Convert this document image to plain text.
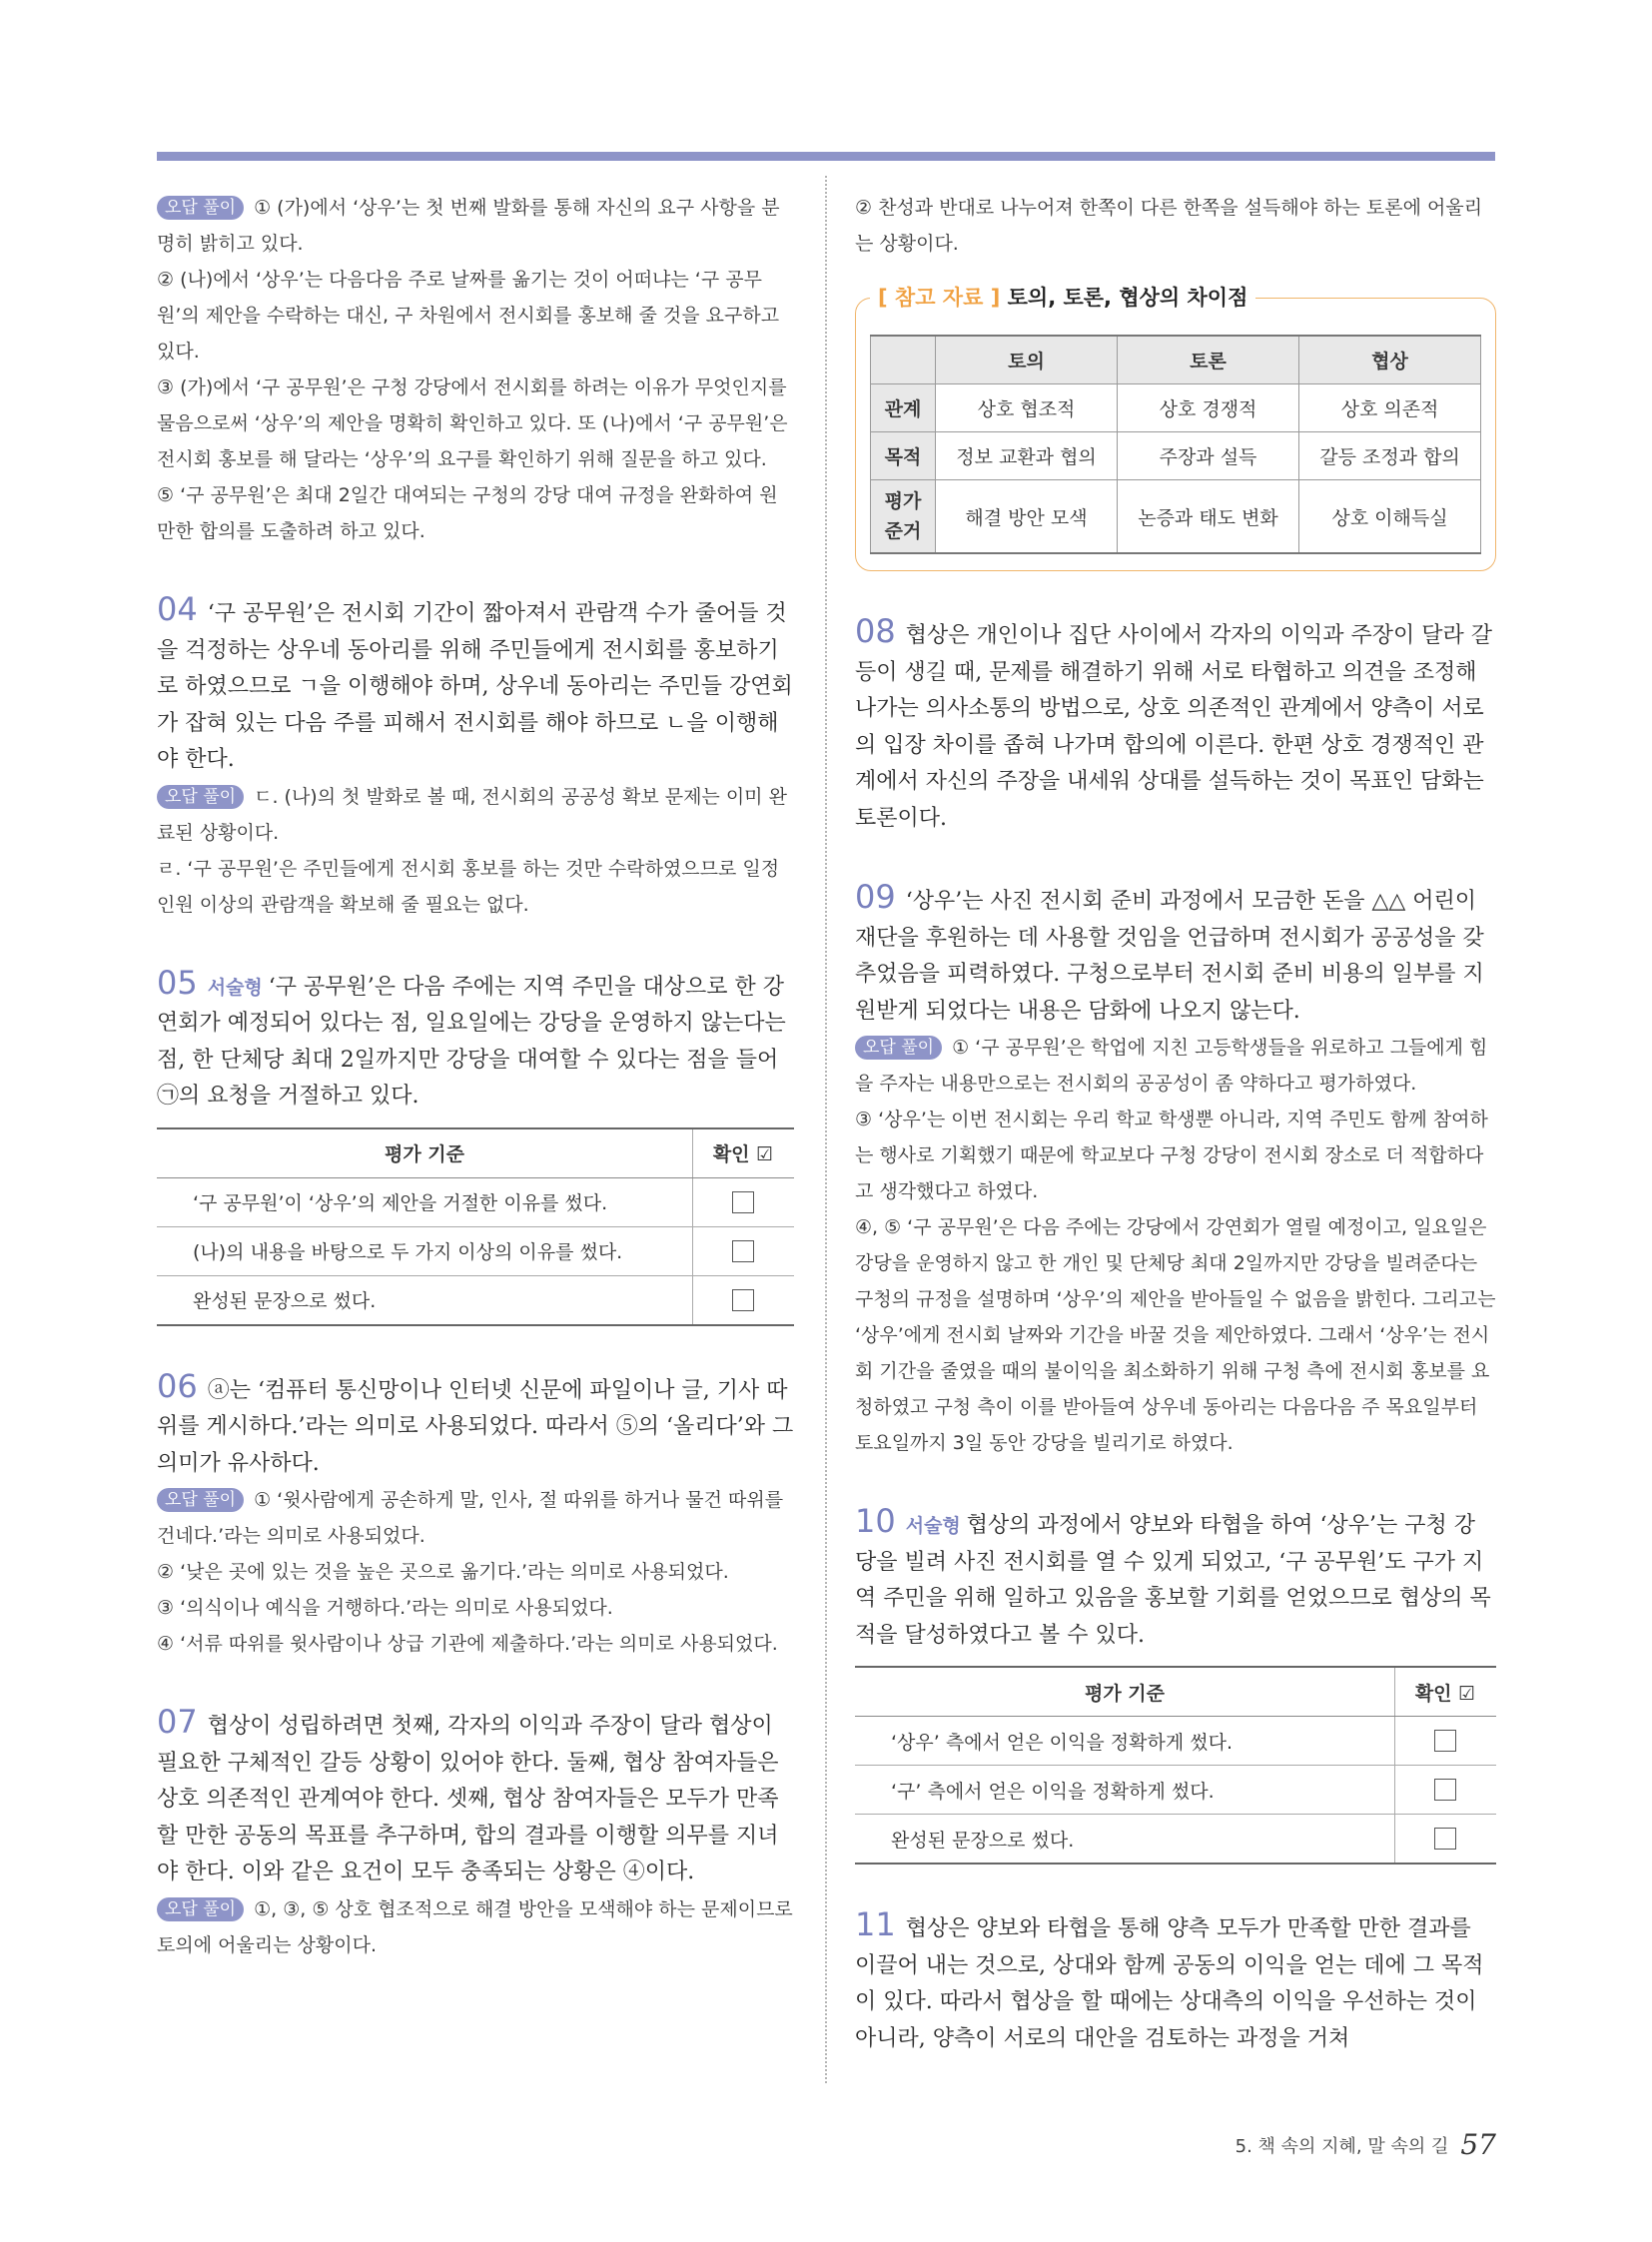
오답 풀이 ① (가)에서 ‘상우’는 첫 번째 발화를 통해 자신의 요구 사항을 분명히 밝히고 있다.

② (나)에서 ‘상우’는 다음다음 주로 날짜를 옮기는 것이 어떠냐는 ‘구 공무원’의 제안을 수락하는 대신, 구 차원에서 전시회를 홍보해 줄 것을 요구하고 있다.

③ (가)에서 ‘구 공무원’은 구청 강당에서 전시회를 하려는 이유가 무엇인지를 물음으로써 ‘상우’의 제안을 명확히 확인하고 있다. 또 (나)에서 ‘구 공무원’은 전시회 홍보를 해 달라는 ‘상우’의 요구를 확인하기 위해 질문을 하고 있다.

⑤ ‘구 공무원’은 최대 2일간 대여되는 구청의 강당 대여 규정을 완화하여 원만한 합의를 도출하려 하고 있다.

04 ‘구 공무원’은 전시회 기간이 짧아져서 관람객 수가 줄어들 것을 걱정하는 상우네 동아리를 위해 주민들에게 전시회를 홍보하기로 하였으므로 ㄱ을 이행해야 하며, 상우네 동아리는 주민들 강연회가 잡혀 있는 다음 주를 피해서 전시회를 해야 하므로 ㄴ을 이행해야 한다.

오답 풀이 ㄷ. (나)의 첫 발화로 볼 때, 전시회의 공공성 확보 문제는 이미 완료된 상황이다.

ㄹ. ‘구 공무원’은 주민들에게 전시회 홍보를 하는 것만 수락하였으므로 일정 인원 이상의 관람객을 확보해 줄 필요는 없다.

05 서술형 ‘구 공무원’은 다음 주에는 지역 주민을 대상으로 한 강연회가 예정되어 있다는 점, 일요일에는 강당을 운영하지 않는다는 점, 한 단체당 최대 2일까지만 강당을 대여할 수 있다는 점을 들어 ㉠의 요청을 거절하고 있다.

평가 기준	확인 ☑
‘구 공무원’이 ‘상우’의 제안을 거절한 이유를 썼다.	
(나)의 내용을 바탕으로 두 가지 이상의 이유를 썼다.	
완성된 문장으로 썼다.	

06 ⓐ는 ‘컴퓨터 통신망이나 인터넷 신문에 파일이나 글, 기사 따위를 게시하다.’라는 의미로 사용되었다. 따라서 ⑤의 ‘올리다’와 그 의미가 유사하다.

오답 풀이 ① ‘윗사람에게 공손하게 말, 인사, 절 따위를 하거나 물건 따위를 건네다.’라는 의미로 사용되었다.

② ‘낮은 곳에 있는 것을 높은 곳으로 옮기다.’라는 의미로 사용되었다.

③ ‘의식이나 예식을 거행하다.’라는 의미로 사용되었다.

④ ‘서류 따위를 윗사람이나 상급 기관에 제출하다.’라는 의미로 사용되었다.

07 협상이 성립하려면 첫째, 각자의 이익과 주장이 달라 협상이 필요한 구체적인 갈등 상황이 있어야 한다. 둘째, 협상 참여자들은 상호 의존적인 관계여야 한다. 셋째, 협상 참여자들은 모두가 만족할 만한 공동의 목표를 추구하며, 합의 결과를 이행할 의무를 지녀야 한다. 이와 같은 요건이 모두 충족되는 상황은 ④이다.

오답 풀이 ①, ③, ⑤ 상호 협조적으로 해결 방안을 모색해야 하는 문제이므로 토의에 어울리는 상황이다.

② 찬성과 반대로 나누어져 한쪽이 다른 한쪽을 설득해야 하는 토론에 어울리는 상황이다.

[ 참고 자료 ] 토의, 토론, 협상의 차이점
	토의	토론	협상
관계	상호 협조적	상호 경쟁적	상호 의존적
목적	정보 교환과 협의	주장과 설득	갈등 조정과 합의
평가
준거	해결 방안 모색	논증과 태도 변화	상호 이해득실

08 협상은 개인이나 집단 사이에서 각자의 이익과 주장이 달라 갈등이 생길 때, 문제를 해결하기 위해 서로 타협하고 의견을 조정해 나가는 의사소통의 방법으로, 상호 의존적인 관계에서 양측이 서로의 입장 차이를 좁혀 나가며 합의에 이른다. 한편 상호 경쟁적인 관계에서 자신의 주장을 내세워 상대를 설득하는 것이 목표인 담화는 토론이다.

09 ‘상우’는 사진 전시회 준비 과정에서 모금한 돈을 △△ 어린이 재단을 후원하는 데 사용할 것임을 언급하며 전시회가 공공성을 갖추었음을 피력하였다. 구청으로부터 전시회 준비 비용의 일부를 지원받게 되었다는 내용은 담화에 나오지 않는다.

오답 풀이 ① ‘구 공무원’은 학업에 지친 고등학생들을 위로하고 그들에게 힘을 주자는 내용만으로는 전시회의 공공성이 좀 약하다고 평가하였다.

③ ‘상우’는 이번 전시회는 우리 학교 학생뿐 아니라, 지역 주민도 함께 참여하는 행사로 기획했기 때문에 학교보다 구청 강당이 전시회 장소로 더 적합하다고 생각했다고 하였다.

④, ⑤ ‘구 공무원’은 다음 주에는 강당에서 강연회가 열릴 예정이고, 일요일은 강당을 운영하지 않고 한 개인 및 단체당 최대 2일까지만 강당을 빌려준다는 구청의 규정을 설명하며 ‘상우’의 제안을 받아들일 수 없음을 밝힌다. 그리고는 ‘상우’에게 전시회 날짜와 기간을 바꿀 것을 제안하였다. 그래서 ‘상우’는 전시회 기간을 줄였을 때의 불이익을 최소화하기 위해 구청 측에 전시회 홍보를 요청하였고 구청 측이 이를 받아들여 상우네 동아리는 다음다음 주 목요일부터 토요일까지 3일 동안 강당을 빌리기로 하였다.

10 서술형 협상의 과정에서 양보와 타협을 하여 ‘상우’는 구청 강당을 빌려 사진 전시회를 열 수 있게 되었고, ‘구 공무원’도 구가 지역 주민을 위해 일하고 있음을 홍보할 기회를 얻었으므로 협상의 목적을 달성하였다고 볼 수 있다.

평가 기준	확인 ☑
‘상우’ 측에서 얻은 이익을 정확하게 썼다.	
‘구’ 측에서 얻은 이익을 정확하게 썼다.	
완성된 문장으로 썼다.	

11 협상은 양보와 타협을 통해 양측 모두가 만족할 만한 결과를 이끌어 내는 것으로, 상대와 함께 공동의 이익을 얻는 데에 그 목적이 있다. 따라서 협상을 할 때에는 상대측의 이익을 우선하는 것이 아니라, 양측이 서로의 대안을 검토하는 과정을 거쳐

5. 책 속의 지혜, 말 속의 길 57
